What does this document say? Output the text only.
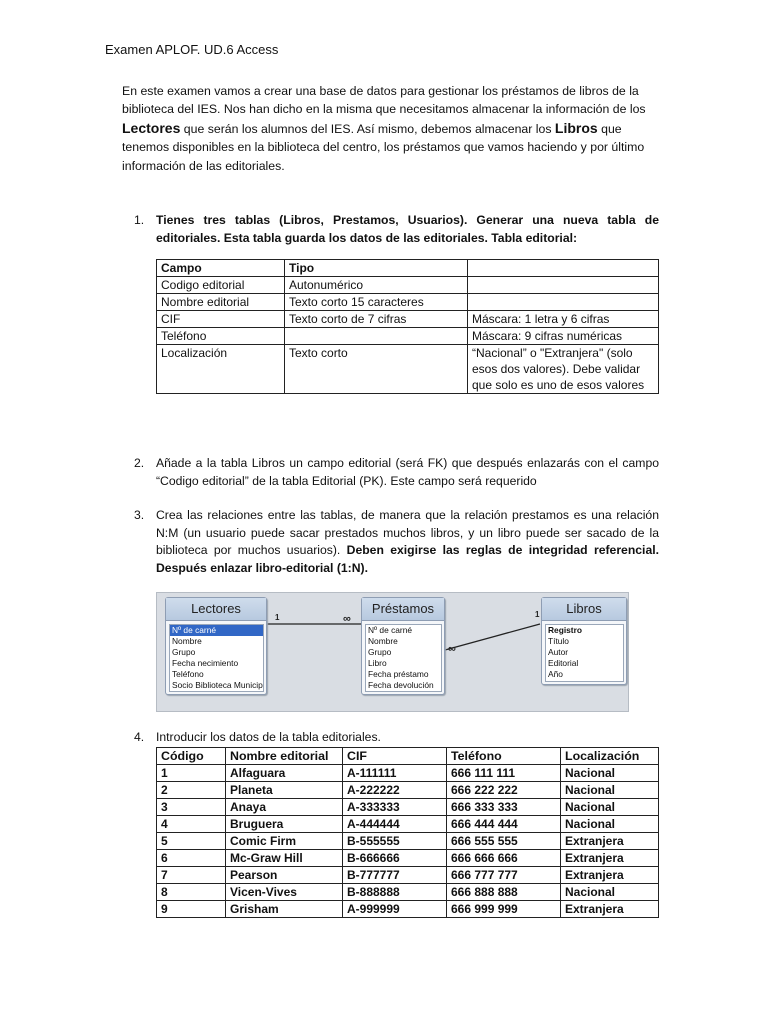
Examen APLOF. UD.6 Access
En este examen vamos a crear una base de datos para gestionar los préstamos de libros de la biblioteca del IES. Nos han dicho en la misma que necesitamos almacenar la información de los Lectores que serán los alumnos del IES. Así mismo, debemos almacenar los Libros que tenemos disponibles en la biblioteca del centro, los préstamos que vamos haciendo y por último información de las editoriales.
1. Tienes tres tablas (Libros, Prestamos, Usuarios). Generar una nueva tabla de editoriales. Esta tabla guarda los datos de las editoriales. Tabla editorial:
Campo	Tipo	
Codigo editorial	Autonumérico	
Nombre editorial	Texto corto 15 caracteres	
CIF	Texto corto de 7 cifras	Máscara: 1 letra y 6 cifras
Teléfono		Máscara: 9 cifras numéricas
Localización	Texto corto	“Nacional” o "Extranjera" (solo esos dos valores). Debe validar que solo es uno de esos valores
2. Añade a la tabla Libros un campo editorial (será FK) que después enlazarás con el campo “Codigo editorial” de la tabla Editorial (PK). Este campo será requerido
3. Crea las relaciones entre las tablas, de manera que la relación prestamos es una relación N:M (un usuario puede sacar prestados muchos libros, y un libro puede ser sacado de la biblioteca por muchos usuarios). Deben exigirse las reglas de integridad referencial. Después enlazar libro-editorial (1:N).
1	∞
∞
1
Lectores
Nº de carné
Nombre
Grupo
Fecha necimiento
Teléfono
Socio Biblioteca Municip
Préstamos
Nº de carné
Nombre
Grupo
Libro
Fecha préstamo
Fecha devolución
Libros
Registro
Título
Autor
Editorial
Año
4. Introducir los datos de la tabla editoriales.
Código	Nombre editorial	CIF	Teléfono	Localización
1	Alfaguara	A-111111	666 111 111	Nacional
2	Planeta	A-222222	666 222 222	Nacional
3	Anaya	A-333333	666 333 333	Nacional
4	Bruguera	A-444444	666 444 444	Nacional
5	Comic Firm	B-555555	666 555 555	Extranjera
6	Mc-Graw Hill	B-666666	666 666 666	Extranjera
7	Pearson	B-777777	666 777 777	Extranjera
8	Vicen-Vives	B-888888	666 888 888	Nacional
9	Grisham	A-999999	666 999 999	Extranjera
